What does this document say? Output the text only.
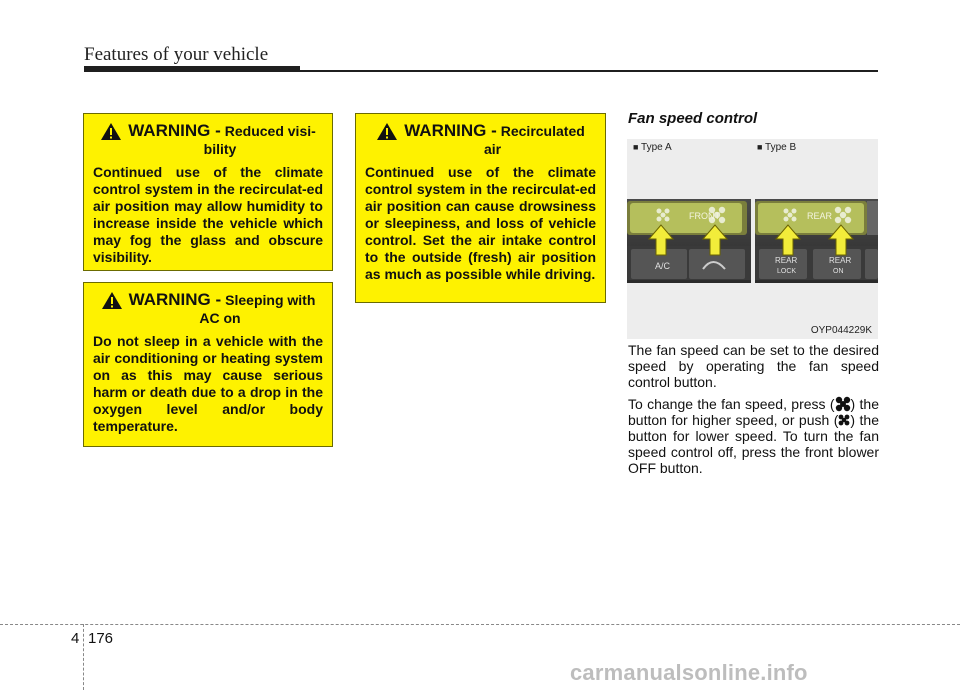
Features of your vehicle
WARNING - Reduced visi-
bility
Continued use of the climate control system in the recirculat-ed air position may allow humidity to increase inside the vehicle which may fog the glass and obscure visibility.
WARNING - Sleeping with
AC on
Do not sleep in a vehicle with the air conditioning or heating system on as this may cause serious harm or death due to a drop in the oxygen level and/or body temperature.
WARNING - Recirculated
air
Continued use of the climate control system in the recirculat-ed air position can cause drowsiness or sleepiness, and loss of vehicle control. Set the air intake control to the outside (fresh) air position as much as possible while driving.
Fan speed control
■ Type A	■ Type B
FRONT
A/C
REAR
REAR
LOCK
REAR
ON
OYP044229K
The fan speed can be set to the desired speed by operating the fan speed control button.
To change the fan speed, press ( ) the button for higher speed, or push ( ) the button for lower speed. To turn the fan speed control off, press the front blower OFF button.
4 176
carmanualsonline.info
